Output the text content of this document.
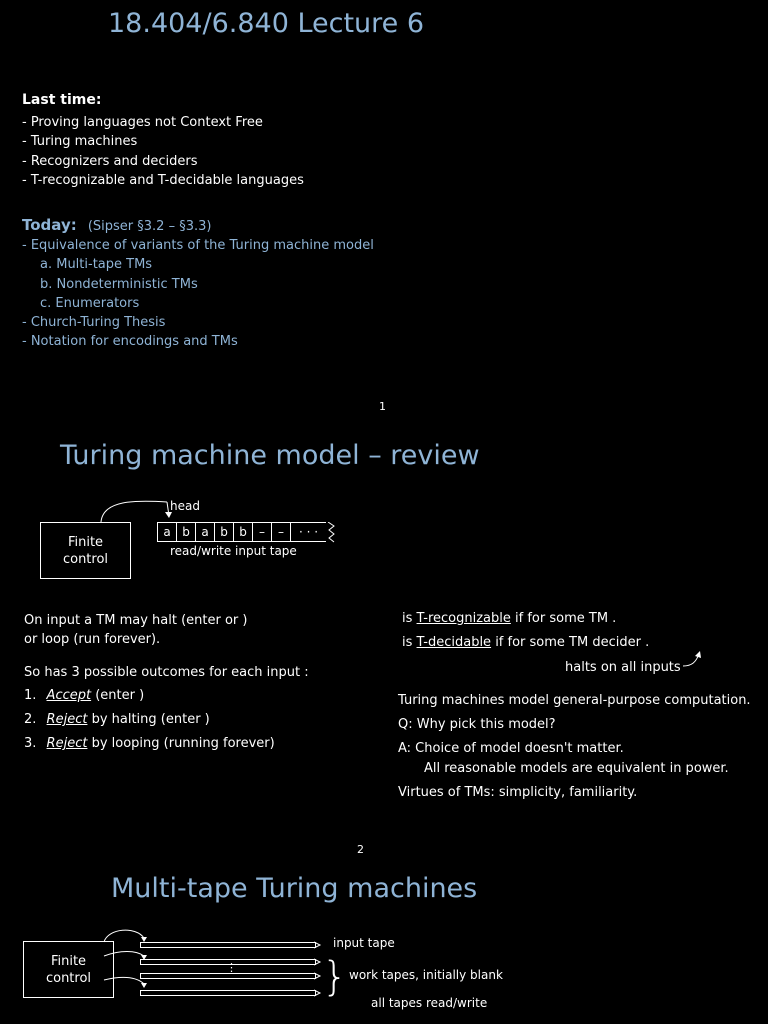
18.404/6.840 Lecture 6
Last time:
- Proving languages not Context Free
- Turing machines
- Recognizers and deciders
- T-recognizable and T-decidable languages
Today: (Sipser §3.2 – §3.3)
- Equivalence of variants of the Turing machine model
a. Multi-tape TMs
b. Nondeterministic TMs
c. Enumerators
- Church-Turing Thesis
- Notation for encodings and TMs
1
Turing machine model – review
Finite
control
head
a b a b b	–	–	· · ·
read/write input tape
On input a TM may halt (enter or )
or loop (run forever).
So has 3 possible outcomes for each input :
1. Accept (enter )
2. Reject by halting (enter )
3. Reject by looping (running forever)
is T-recognizable if for some TM .
is T-decidable if for some TM decider .
halts on all inputs
Turing machines model general-purpose computation.
Q: Why pick this model?
A: Choice of model doesn't matter.
All reasonable models are equivalent in power.
Virtues of TMs: simplicity, familiarity.
2
Multi-tape Turing machines
Finite
control
⋮
input tape
} work tapes, initially blank
all tapes read/write
